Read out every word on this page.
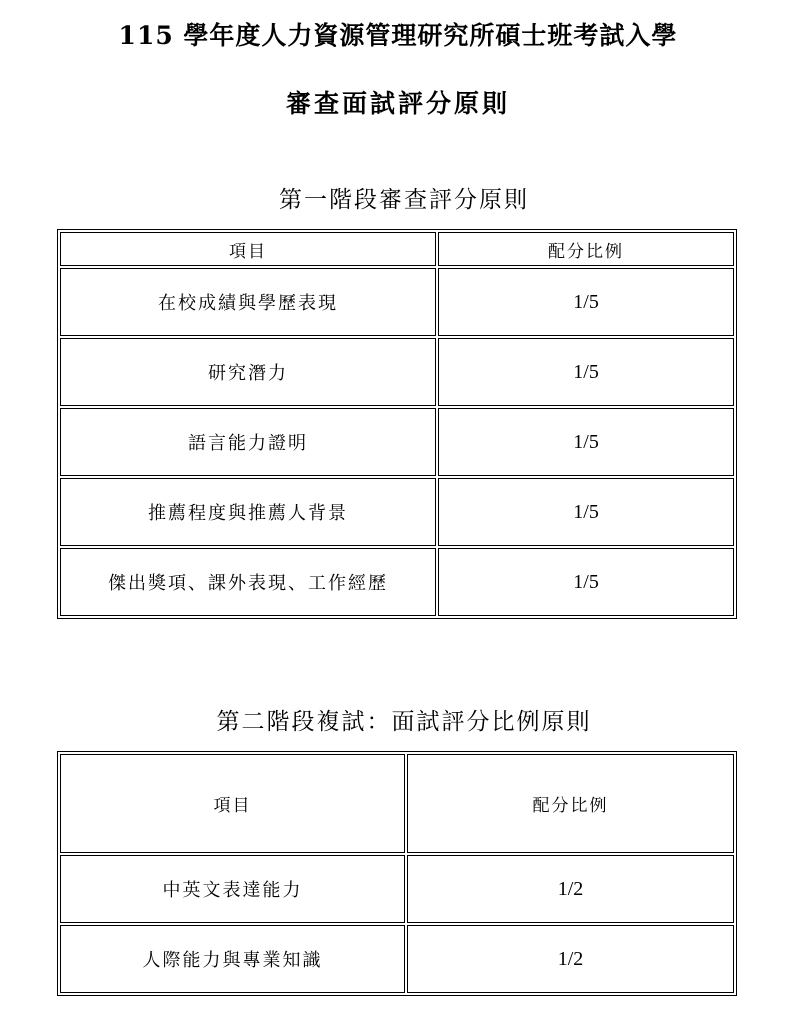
115 學年度人力資源管理研究所碩士班考試入學
審查面試評分原則
第一階段審查評分原則
項目	配分比例
在校成績與學歷表現	1/5
研究潛力	1/5
語言能力證明	1/5
推薦程度與推薦人背景	1/5
傑出獎項、課外表現、工作經歷	1/5
第二階段複試：面試評分比例原則
項目	配分比例
中英文表達能力	1/2
人際能力與專業知識	1/2
